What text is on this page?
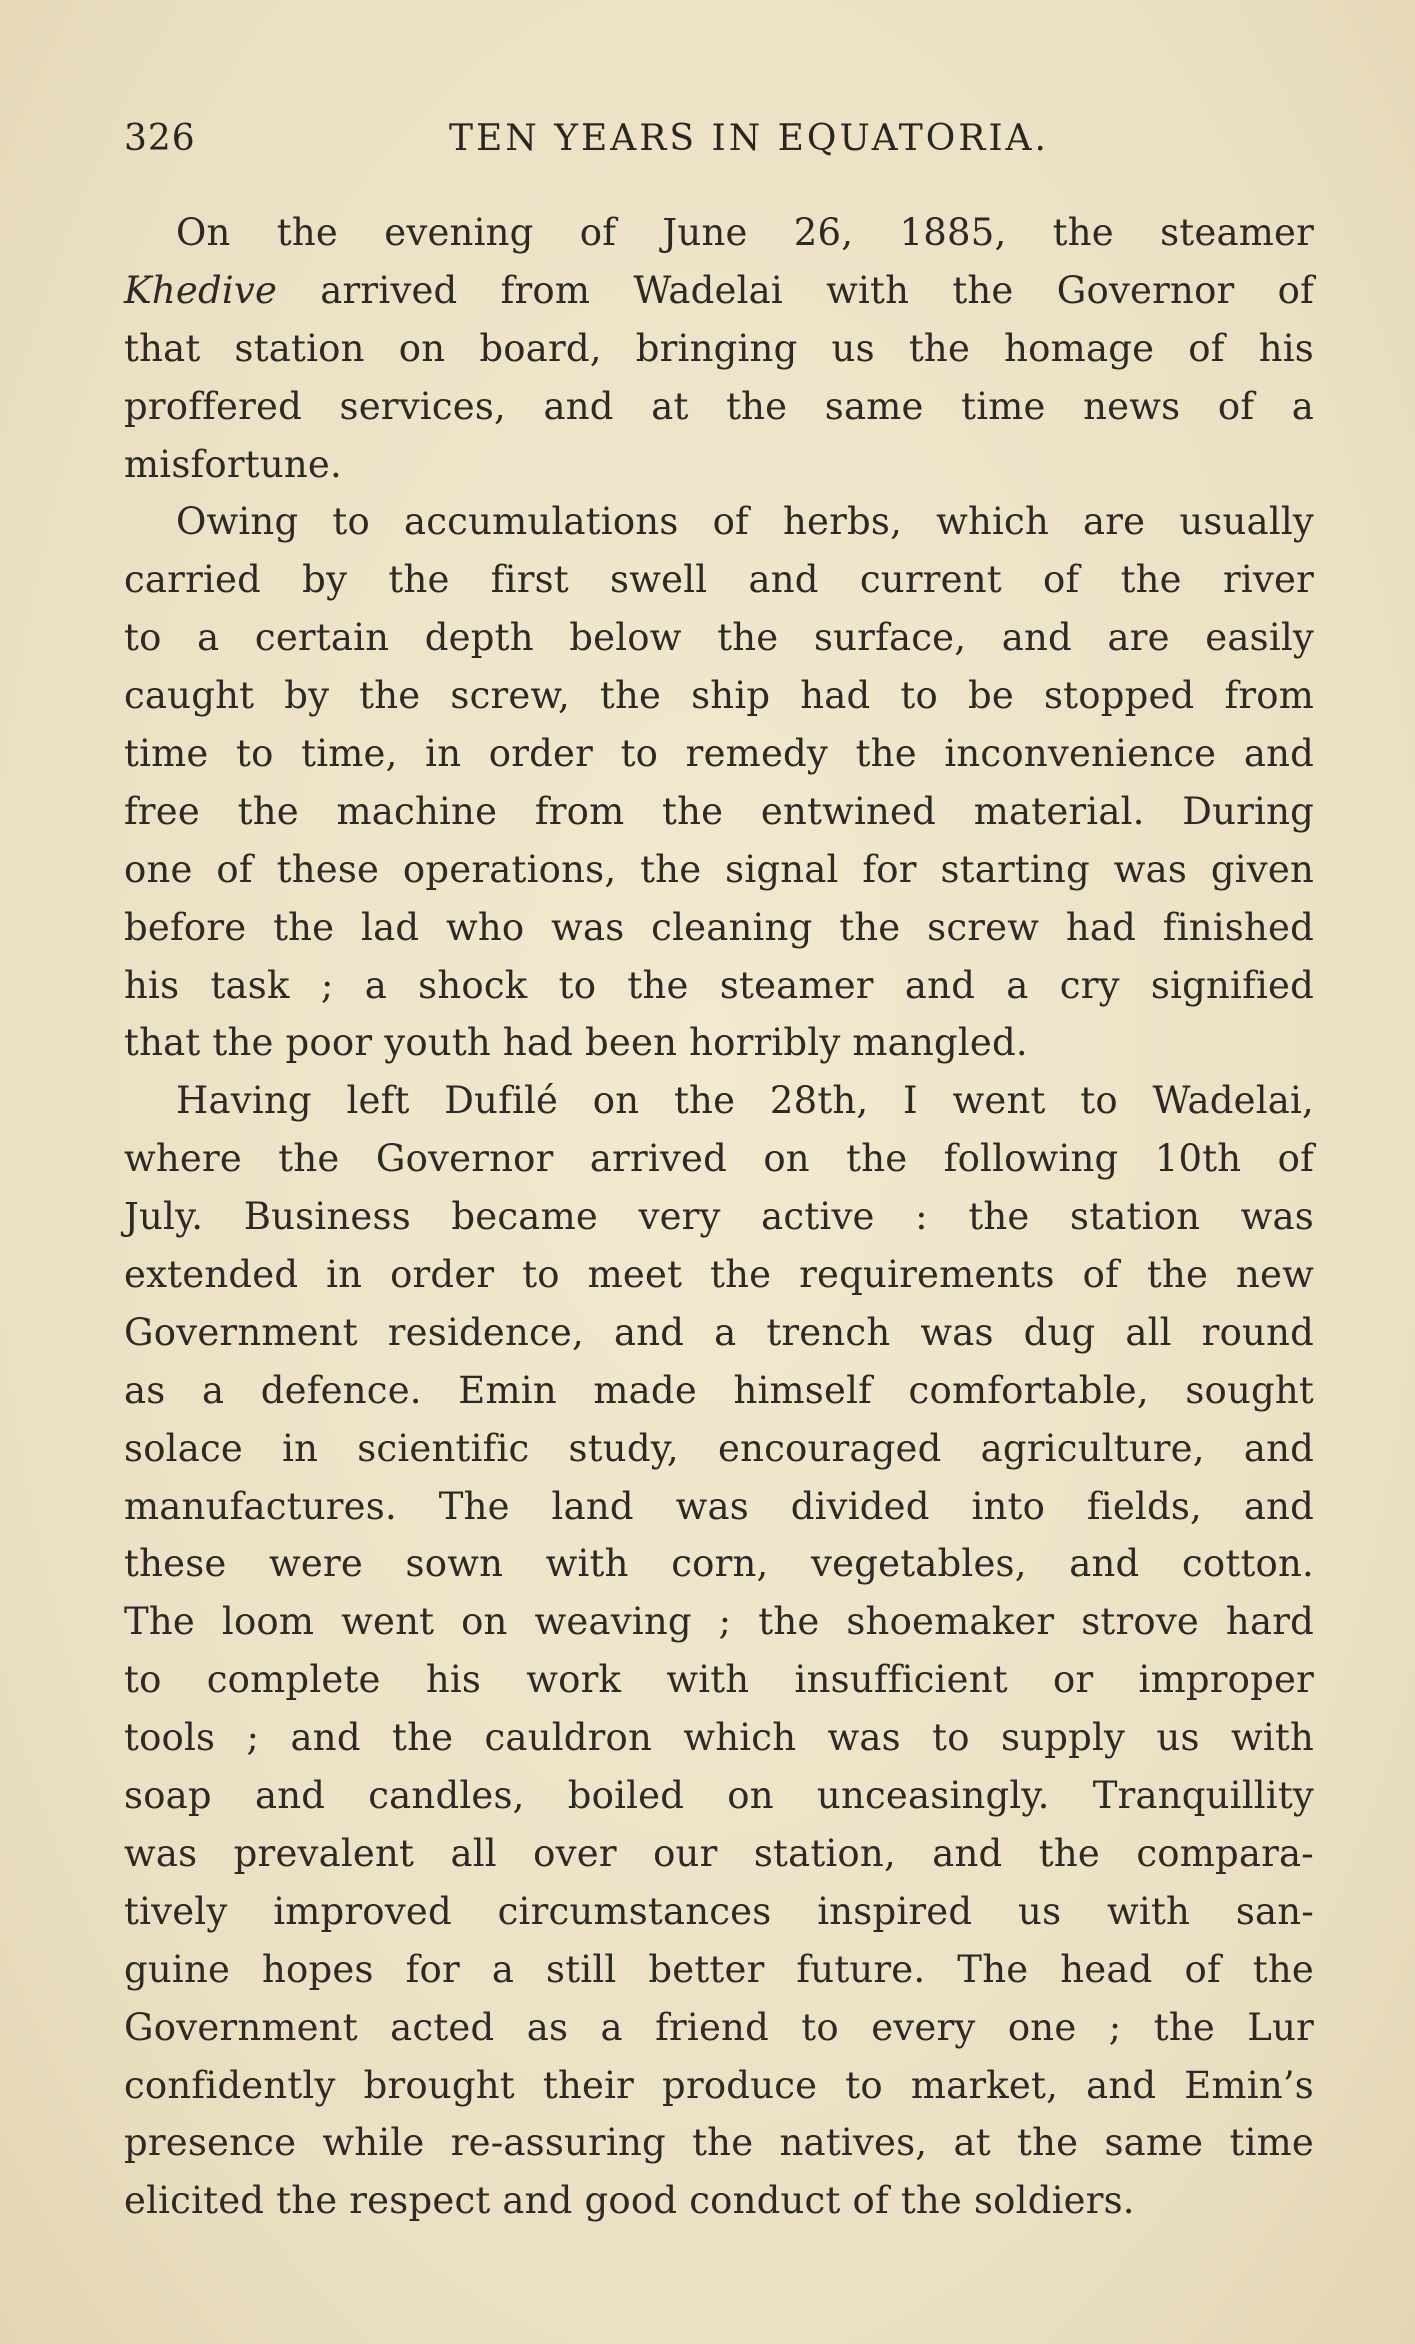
326	TEN YEARS IN EQUATORIA.

On the evening of June 26, 1885, the steamer
Khedive arrived from Wadelai with the Governor of
that station on board, bringing us the homage of his
proffered services, and at the same time news of a
misfortune.

Owing to accumulations of herbs, which are usually
carried by the first swell and current of the river
to a certain depth below the surface, and are easily
caught by the screw, the ship had to be stopped from
time to time, in order to remedy the inconvenience and
free the machine from the entwined material. During
one of these operations, the signal for starting was given
before the lad who was cleaning the screw had finished
his task ; a shock to the steamer and a cry signified
that the poor youth had been horribly mangled.

Having left Dufilé on the 28th, I went to Wadelai,
where the Governor arrived on the following 10th of
July. Business became very active : the station was
extended in order to meet the requirements of the new
Government residence, and a trench was dug all round
as a defence. Emin made himself comfortable, sought
solace in scientific study, encouraged agriculture, and
manufactures. The land was divided into fields, and
these were sown with corn, vegetables, and cotton.
The loom went on weaving ; the shoemaker strove hard
to complete his work with insufficient or improper
tools ; and the cauldron which was to supply us with
soap and candles, boiled on unceasingly. Tranquillity
was prevalent all over our station, and the compara-
tively improved circumstances inspired us with san-
guine hopes for a still better future. The head of the
Government acted as a friend to every one ; the Lur
confidently brought their produce to market, and Emin’s
presence while re-assuring the natives, at the same time
elicited the respect and good conduct of the soldiers.
